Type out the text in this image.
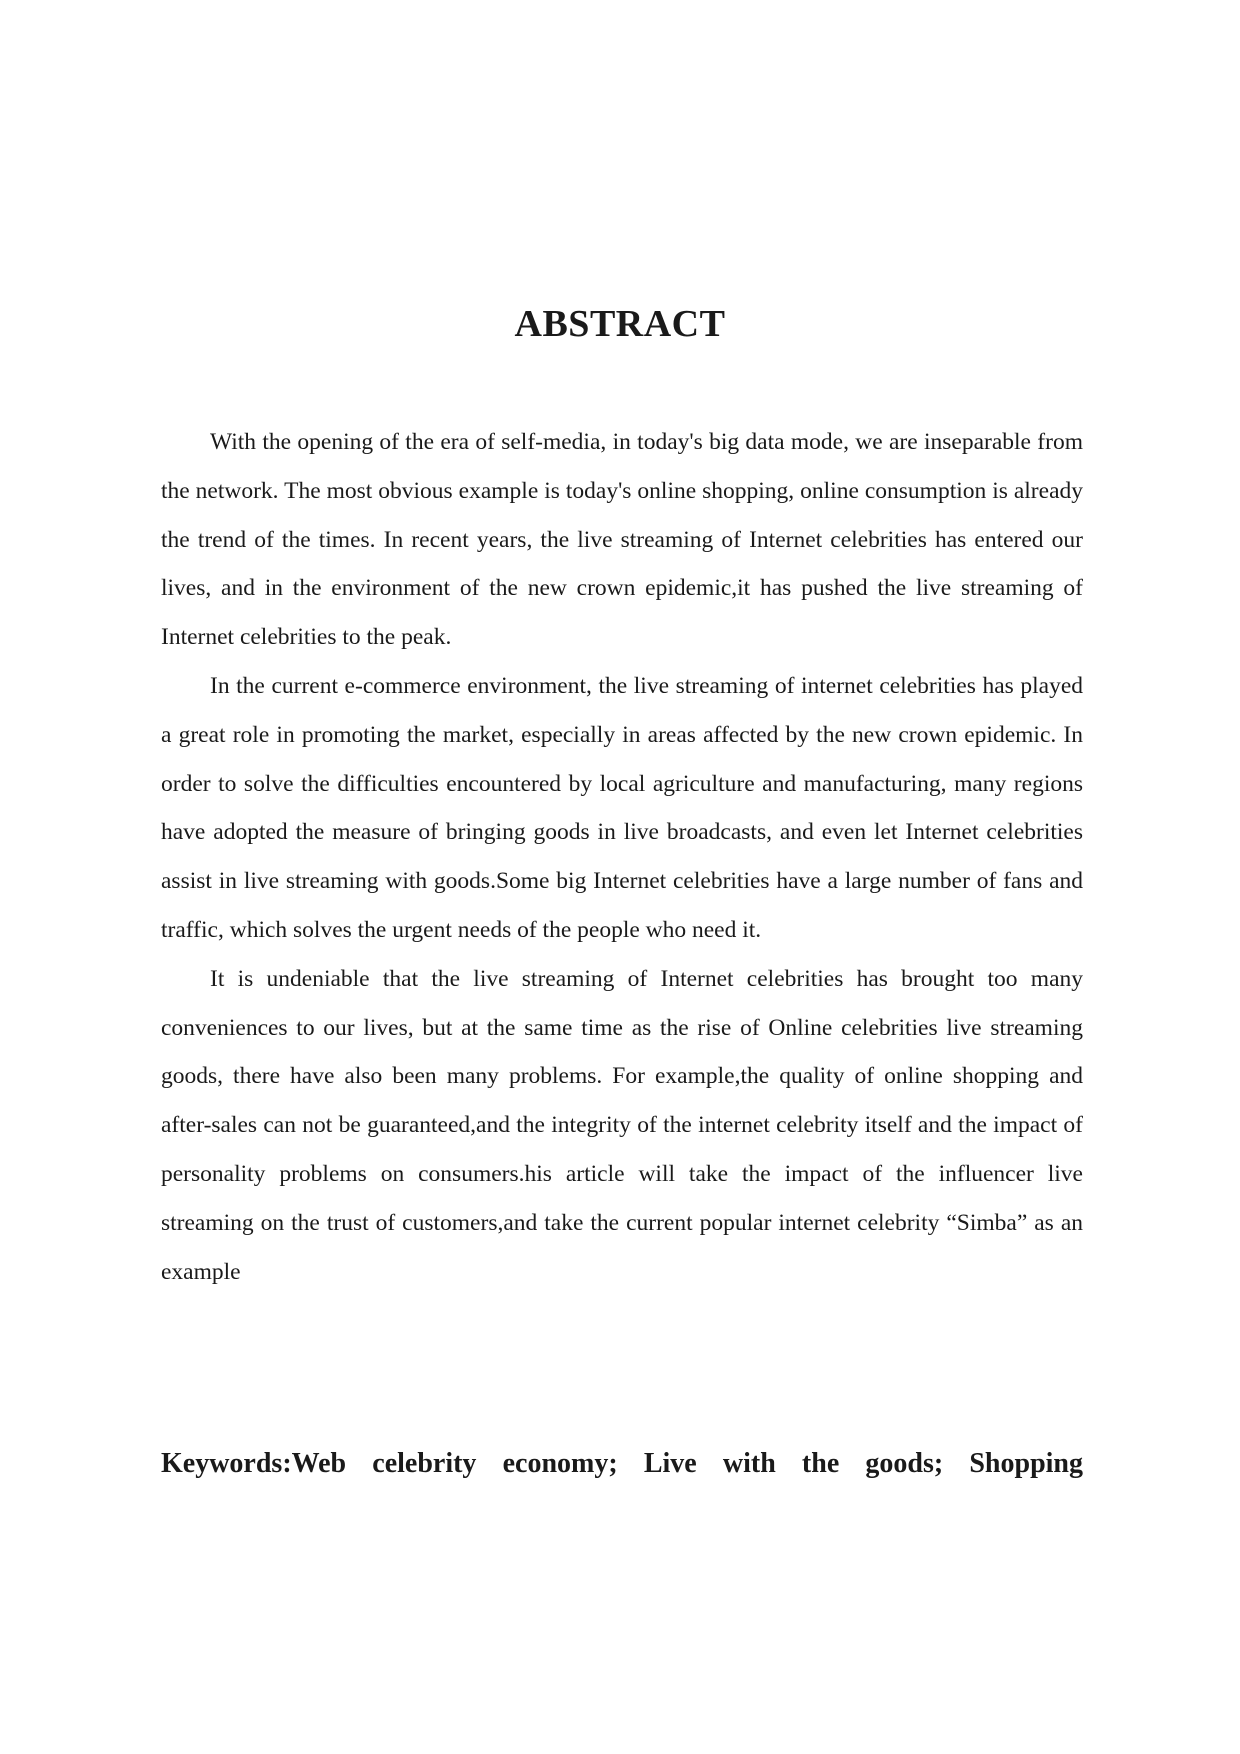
ABSTRACT

With the opening of the era of self-media, in today's big data mode, we are inseparable from the network. The most obvious example is today's online shopping, online consumption is already the trend of the times. In recent years, the live streaming of Internet celebrities has entered our lives, and in the environment of the new crown epidemic,it has pushed the live streaming of Internet celebrities to the peak.

In the current e-commerce environment, the live streaming of internet celebrities has played a great role in promoting the market, especially in areas affected by the new crown epidemic. In order to solve the difficulties encountered by local agriculture and manufacturing, many regions have adopted the measure of bringing goods in live broadcasts, and even let Internet celebrities assist in live streaming with goods.Some big Internet celebrities have a large number of fans and traffic, which solves the urgent needs of the people who need it.

It is undeniable that the live streaming of Internet celebrities has brought too many conveniences to our lives, but at the same time as the rise of Online celebrities live streaming goods, there have also been many problems. For example,the quality of online shopping and after-sales can not be guaranteed,and the integrity of the internet celebrity itself and the impact of personality problems on consumers.his article will take the impact of the influencer live streaming on the trust of customers,and take the current popular internet celebrity “Simba” as an example

Keywords:Web celebrity economy; Live with the goods; Shopping
